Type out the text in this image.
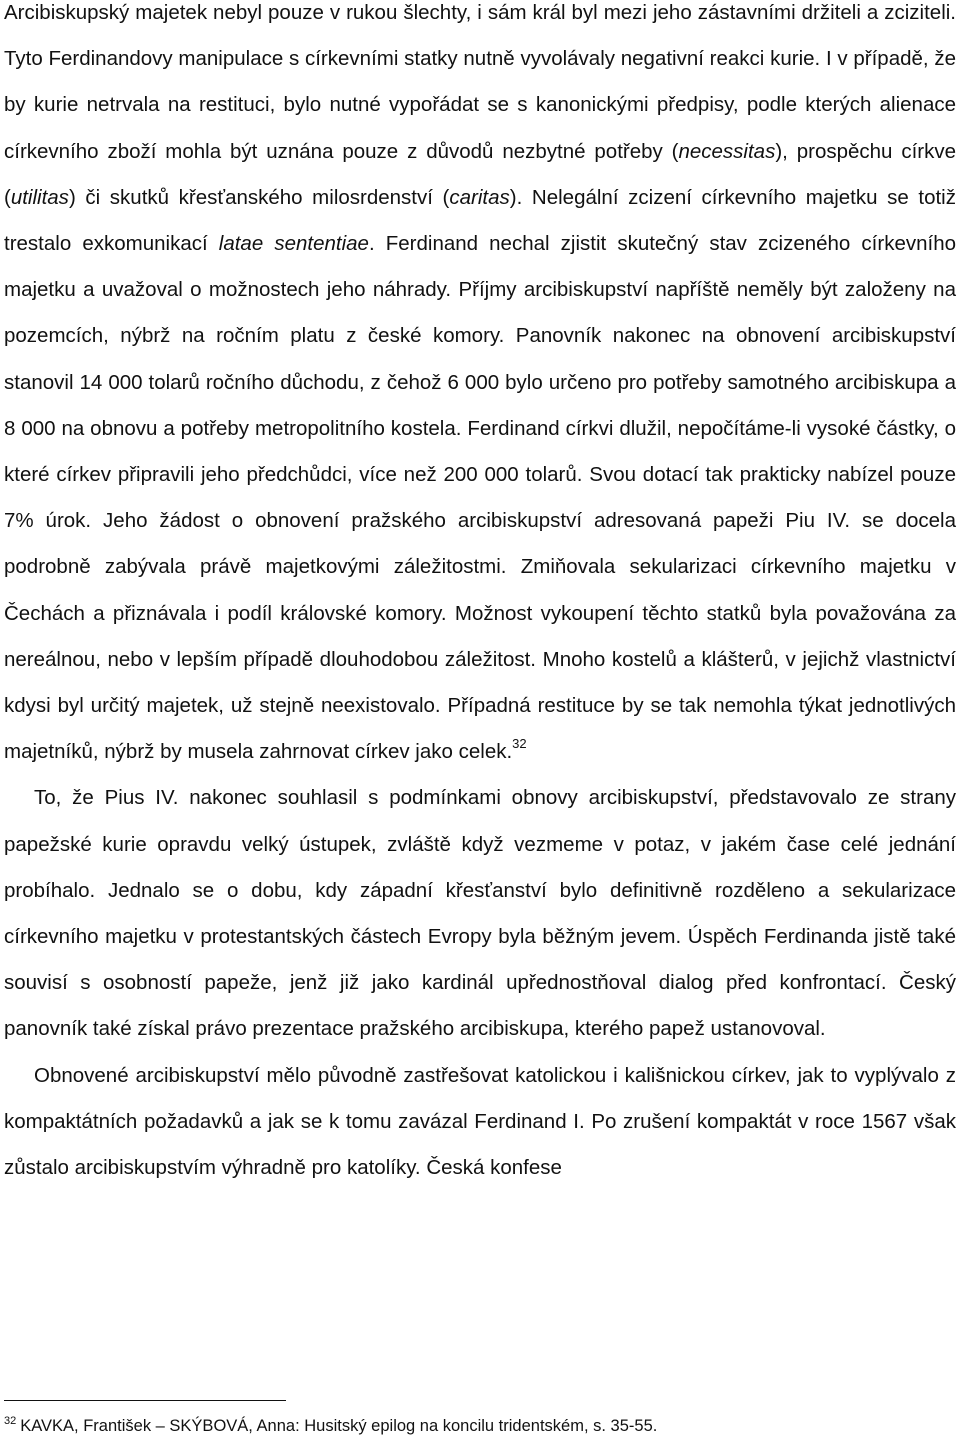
Arcibiskupský majetek nebyl pouze v rukou šlechty, i sám král byl mezi jeho zástavními držiteli a zciziteli. Tyto Ferdinandovy manipulace s církevními statky nutně vyvolávaly negativní reakci kurie. I v případě, že by kurie netrvala na restituci, bylo nutné vypořádat se s kanonickými předpisy, podle kterých alienace církevního zboží mohla být uznána pouze z důvodů nezbytné potřeby (necessitas), prospěchu církve (utilitas) či skutků křesťanského milosrdenství (caritas). Nelegální zcizení církevního majetku se totiž trestalo exkomunikací latae sententiae. Ferdinand nechal zjistit skutečný stav zcizeného církevního majetku a uvažoval o možnostech jeho náhrady. Příjmy arcibiskupství napříště neměly být založeny na pozemcích, nýbrž na ročním platu z české komory. Panovník nakonec na obnovení arcibiskupství stanovil 14 000 tolarů ročního důchodu, z čehož 6 000 bylo určeno pro potřeby samotného arcibiskupa a 8 000 na obnovu a potřeby metropolitního kostela. Ferdinand církvi dlužil, nepočítáme-li vysoké částky, o které církev připravili jeho předchůdci, více než 200 000 tolarů. Svou dotací tak prakticky nabízel pouze 7% úrok. Jeho žádost o obnovení pražského arcibiskupství adresovaná papeži Piu IV. se docela podrobně zabývala právě majetkovými záležitostmi. Zmiňovala sekularizaci církevního majetku v Čechách a přiznávala i podíl královské komory. Možnost vykoupení těchto statků byla považována za nereálnou, nebo v lepším případě dlouhodobou záležitost. Mnoho kostelů a klášterů, v jejichž vlastnictví kdysi byl určitý majetek, už stejně neexistovalo. Případná restituce by se tak nemohla týkat jednotlivých majetníků, nýbrž by musela zahrnovat církev jako celek.$^{32}$

To, že Pius IV. nakonec souhlasil s podmínkami obnovy arcibiskupství, představovalo ze strany papežské kurie opravdu velký ústupek, zvláště když vezmeme v potaz, v jakém čase celé jednání probíhalo. Jednalo se o dobu, kdy západní křesťanství bylo definitivně rozděleno a sekularizace církevního majetku v protestantských částech Evropy byla běžným jevem. Úspěch Ferdinanda jistě také souvisí s osobností papeže, jenž již jako kardinál upřednostňoval dialog před konfrontací. Český panovník také získal právo prezentace pražského arcibiskupa, kterého papež ustanovoval.

Obnovené arcibiskupství mělo původně zastřešovat katolickou i kališnickou církev, jak to vyplývalo z kompaktátních požadavků a jak se k tomu zavázal Ferdinand I. Po zrušení kompaktát v roce 1567 však zůstalo arcibiskupstvím výhradně pro katolíky. Česká konfese

$^{32}$ KAVKA, František – SKÝBOVÁ, Anna: Husitský epilog na koncilu tridentském, s. 35-55.
